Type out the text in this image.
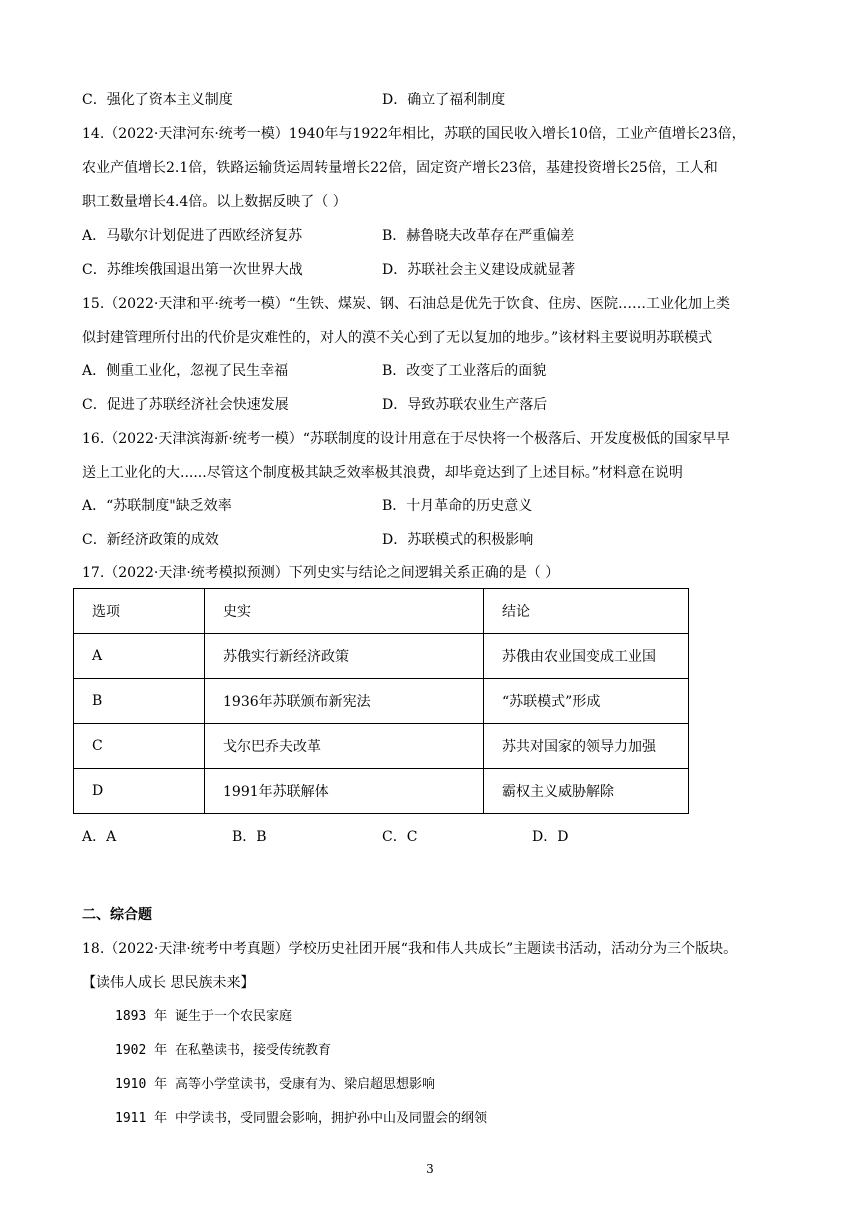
C．强化了资本主义制度	D．确立了福利制度
14.（2022·天津河东·统考一模）1940年与1922年相比，苏联的国民收入增长10倍，工业产值增长23倍，
农业产值增长2.1倍，铁路运输货运周转量增长22倍，固定资产增长23倍，基建投资增长25倍，工人和
职工数量增长4.4倍。以上数据反映了（ ）
A．马歇尔计划促进了西欧经济复苏	B．赫鲁晓夫改革存在严重偏差
C．苏维埃俄国退出第一次世界大战	D．苏联社会主义建设成就显著
15.（2022·天津和平·统考一模）“生铁、煤炭、钢、石油总是优先于饮食、住房、医院……工业化加上类
似封建管理所付出的代价是灾难性的，对人的漠不关心到了无以复加的地步。”该材料主要说明苏联模式
A．侧重工业化，忽视了民生幸福	B．改变了工业落后的面貌
C．促进了苏联经济社会快速发展	D．导致苏联农业生产落后
16.（2022·天津滨海新·统考一模）“苏联制度的设计用意在于尽快将一个极落后、开发度极低的国家早早
送上工业化的大......尽管这个制度极其缺乏效率极其浪费，却毕竟达到了上述目标。”材料意在说明
A．“苏联制度"缺乏效率	B．十月革命的历史意义
C．新经济政策的成效	D．苏联模式的积极影响
17.（2022·天津·统考模拟预测）下列史实与结论之间逻辑关系正确的是（ ）
选项	史实	结论
A	苏俄实行新经济政策	苏俄由农业国变成工业国
B	1936年苏联颁布新宪法	“苏联模式”形成
C	戈尔巴乔夫改革	苏共对国家的领导力加强
D	1991年苏联解体	霸权主义威胁解除
A．A	B．B	C．C	D．D
二、综合题
18.（2022·天津·统考中考真题）学校历史社团开展“我和伟人共成长”主题读书活动，活动分为三个版块。
【读伟人成长 思民族未来】
1893 年 诞生于一个农民家庭
1902 年 在私塾读书，接受传统教育
1910 年 高等小学堂读书，受康有为、梁启超思想影响
1911 年 中学读书，受同盟会影响，拥护孙中山及同盟会的纲领
3
